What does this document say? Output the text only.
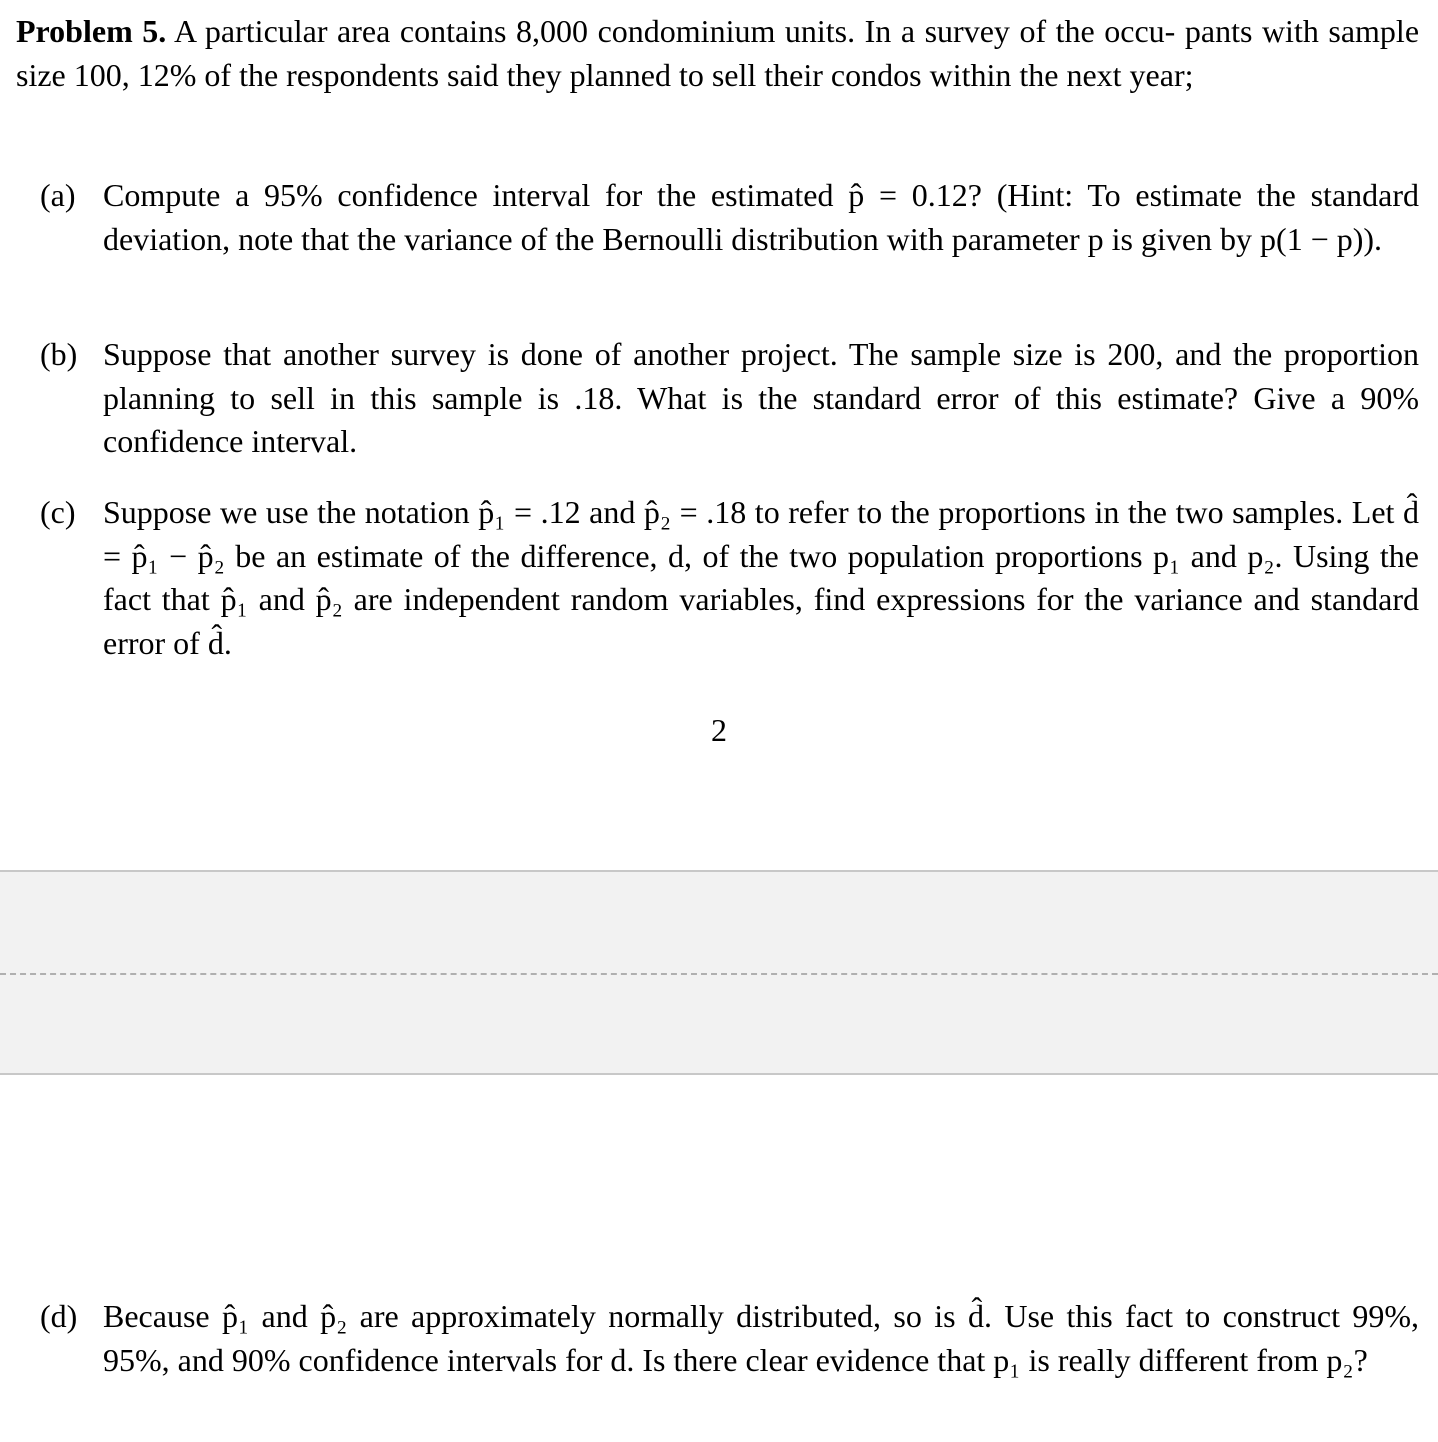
Problem 5. A particular area contains 8,000 condominium units. In a survey of the occu- pants with sample size 100, 12% of the respondents said they planned to sell their condos within the next year;
(a) Compute a 95% confidence interval for the estimated p̂ = 0.12? (Hint: To estimate the standard deviation, note that the variance of the Bernoulli distribution with parameter p is given by p(1 − p)).
(b) Suppose that another survey is done of another project. The sample size is 200, and the proportion planning to sell in this sample is .18. What is the standard error of this estimate? Give a 90% confidence interval.
(c) Suppose we use the notation p̂₁ = .12 and p̂₂ = .18 to refer to the proportions in the two samples. Let d̂ = p̂₁ − p̂₂ be an estimate of the difference, d, of the two population proportions p₁ and p₂. Using the fact that p̂₁ and p̂₂ are independent random variables, find expressions for the variance and standard error of d̂.
2
(d) Because p̂₁ and p̂₂ are approximately normally distributed, so is d̂. Use this fact to construct 99%, 95%, and 90% confidence intervals for d. Is there clear evidence that p₁ is really different from p₂?
